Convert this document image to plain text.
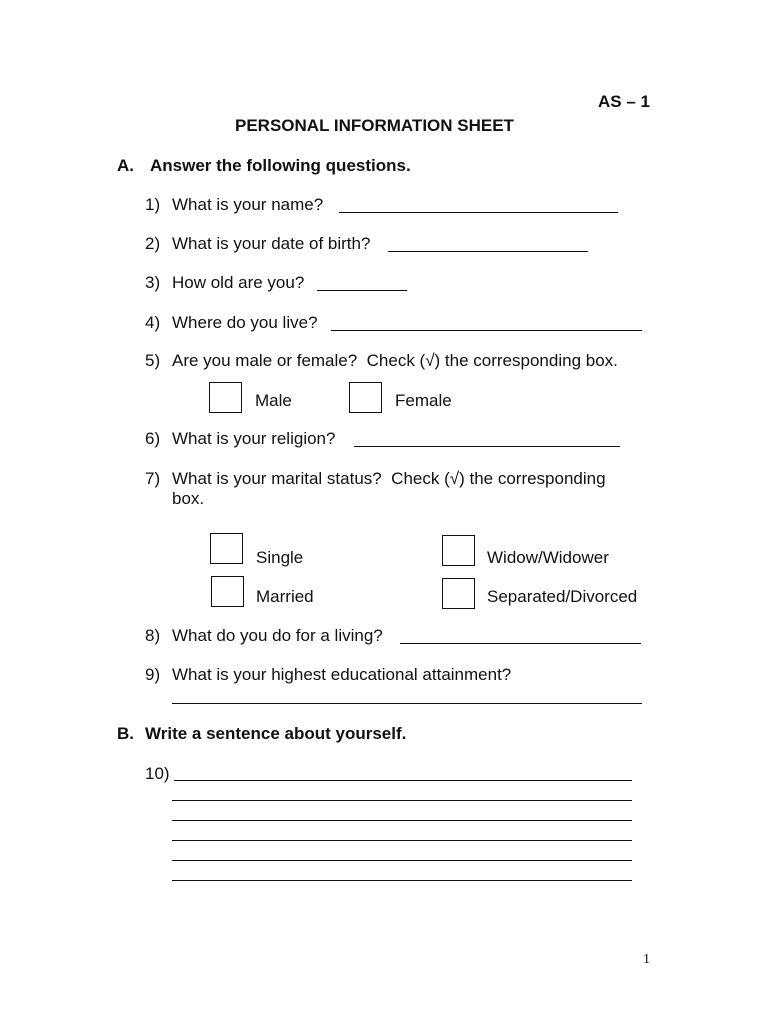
AS – 1
PERSONAL INFORMATION SHEET
A. Answer the following questions.
1) What is your name?
2) What is your date of birth?
3) How old are you?
4) Where do you live?
5) Are you male or female?  Check (√) the corresponding box.
Male	Female
6) What is your religion?
7) What is your marital status?  Check (√) the corresponding
box.
Single	Widow/Widower
Married	Separated/Divorced
8) What do you do for a living?
9) What is your highest educational attainment?
B. Write a sentence about yourself.
10)
1
